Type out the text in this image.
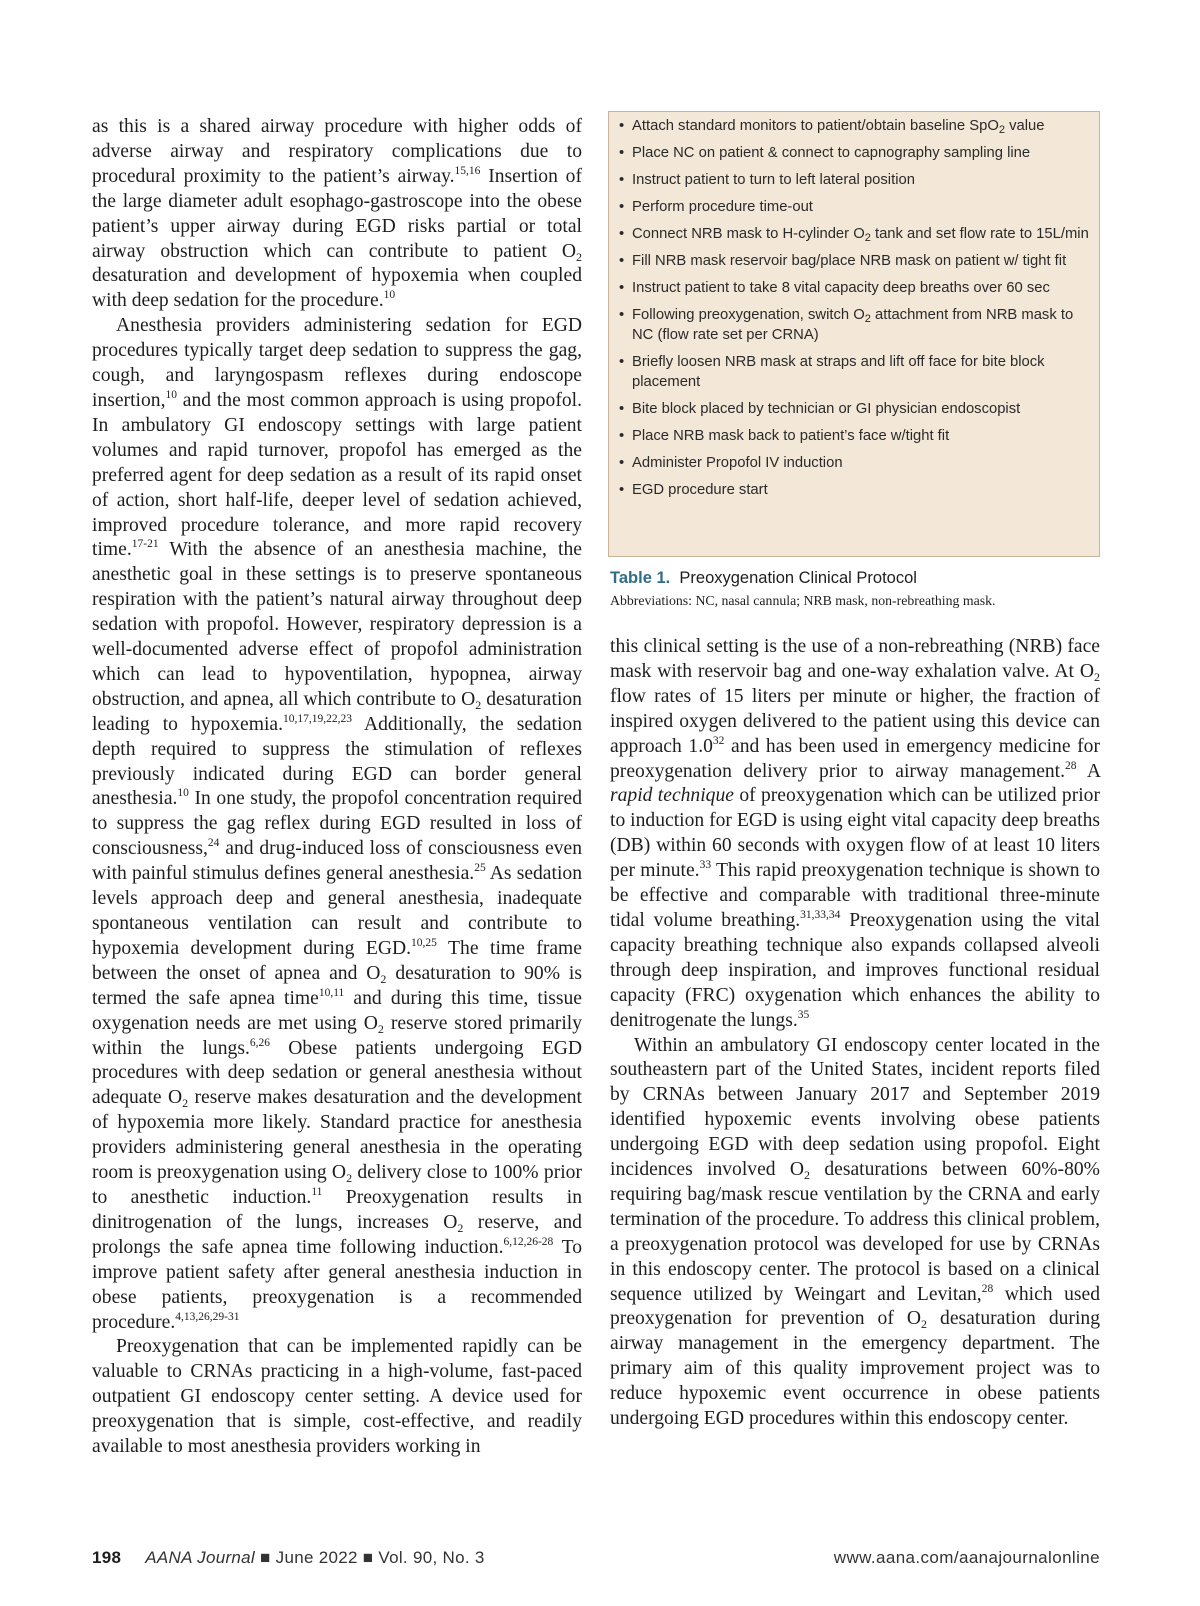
as this is a shared airway procedure with higher odds of adverse airway and respiratory complications due to procedural proximity to the patient’s airway.$^{15,16}$ Insertion of the large diameter adult esophago-gastroscope into the obese patient’s upper airway during EGD risks partial or total airway obstruction which can contribute to patient $O_2$ desaturation and development of hypoxemia when coupled with deep sedation for the procedure.$^{10}$

Anesthesia providers administering sedation for EGD procedures typically target deep sedation to suppress the gag, cough, and laryngospasm reflexes during endoscope insertion,$^{10}$ and the most common approach is using propofol. In ambulatory GI endoscopy settings with large patient volumes and rapid turnover, propofol has emerged as the preferred agent for deep sedation as a result of its rapid onset of action, short half-life, deeper level of sedation achieved, improved procedure tolerance, and more rapid recovery time.$^{17-21}$ With the absence of an anesthesia machine, the anesthetic goal in these settings is to preserve spontaneous respiration with the patient’s natural airway throughout deep sedation with propofol. However, respiratory depression is a well-documented adverse effect of propofol administration which can lead to hypoventilation, hypopnea, airway obstruction, and apnea, all which contribute to $O_2$ desaturation leading to hypoxemia.$^{10,17,19,22,23}$ Additionally, the sedation depth required to suppress the stimulation of reflexes previously indicated during EGD can border general anesthesia.$^{10}$ In one study, the propofol concentration required to suppress the gag reflex during EGD resulted in loss of consciousness,$^{24}$ and drug-induced loss of consciousness even with painful stimulus defines general anesthesia.$^{25}$ As sedation levels approach deep and general anesthesia, inadequate spontaneous ventilation can result and contribute to hypoxemia development during EGD.$^{10,25}$ The time frame between the onset of apnea and $O_2$ desaturation to 90% is termed the safe apnea time$^{10,11}$ and during this time, tissue oxygenation needs are met using $O_2$ reserve stored primarily within the lungs.$^{6,26}$ Obese patients undergoing EGD procedures with deep sedation or general anesthesia without adequate $O_2$ reserve makes desaturation and the development of hypoxemia more likely. Standard practice for anesthesia providers administering general anesthesia in the operating room is preoxygenation using $O_2$ delivery close to 100% prior to anesthetic induction.$^{11}$ Preoxygenation results in dinitrogenation of the lungs, increases $O_2$ reserve, and prolongs the safe apnea time following induction.$^{6,12,26-28}$ To improve patient safety after general anesthesia induction in obese patients, preoxygenation is a recommended procedure.$^{4,13,26,29-31}$

Preoxygenation that can be implemented rapidly can be valuable to CRNAs practicing in a high-volume, fast-paced outpatient GI endoscopy center setting. A device used for preoxygenation that is simple, cost-effective, and readily available to most anesthesia providers working in

• Attach standard monitors to patient/obtain baseline SpO$_2$ value
• Place NC on patient & connect to capnography sampling line
• Instruct patient to turn to left lateral position
• Perform procedure time-out
• Connect NRB mask to H-cylinder $O_2$ tank and set flow rate to 15L/min
• Fill NRB mask reservoir bag/place NRB mask on patient w/ tight fit
• Instruct patient to take 8 vital capacity deep breaths over 60 sec
• Following preoxygenation, switch $O_2$ attachment from NRB mask to NC (flow rate set per CRNA)
• Briefly loosen NRB mask at straps and lift off face for bite block placement
• Bite block placed by technician or GI physician endoscopist
• Place NRB mask back to patient’s face w/tight fit
• Administer Propofol IV induction
• EGD procedure start
Table 1. Preoxygenation Clinical Protocol
Abbreviations: NC, nasal cannula; NRB mask, non-rebreathing mask.

this clinical setting is the use of a non-rebreathing (NRB) face mask with reservoir bag and one-way exhalation valve. At $O_2$ flow rates of 15 liters per minute or higher, the fraction of inspired oxygen delivered to the patient using this device can approach $1.0^{32}$ and has been used in emergency medicine for preoxygenation delivery prior to airway management.$^{28}$ A rapid technique of preoxygenation which can be utilized prior to induction for EGD is using eight vital capacity deep breaths (DB) within 60 seconds with oxygen flow of at least 10 liters per minute.$^{33}$ This rapid preoxygenation technique is shown to be effective and comparable with traditional three-minute tidal volume breathing.$^{31,33,34}$ Preoxygenation using the vital capacity breathing technique also expands collapsed alveoli through deep inspiration, and improves functional residual capacity (FRC) oxygenation which enhances the ability to denitrogenate the lungs.$^{35}$

Within an ambulatory GI endoscopy center located in the southeastern part of the United States, incident reports filed by CRNAs between January 2017 and September 2019 identified hypoxemic events involving obese patients undergoing EGD with deep sedation using propofol. Eight incidences involved $O_2$ desaturations between 60%-80% requiring bag/mask rescue ventilation by the CRNA and early termination of the procedure. To address this clinical problem, a preoxygenation protocol was developed for use by CRNAs in this endoscopy center. The protocol is based on a clinical sequence utilized by Weingart and Levitan,$^{28}$ which used preoxygenation for prevention of $O_2$ desaturation during airway management in the emergency department. The primary aim of this quality improvement project was to reduce hypoxemic event occurrence in obese patients undergoing EGD procedures within this endoscopy center.

198 AANA Journal ■ June 2022 ■ Vol. 90, No. 3	www.aana.com/aanajournalonline
